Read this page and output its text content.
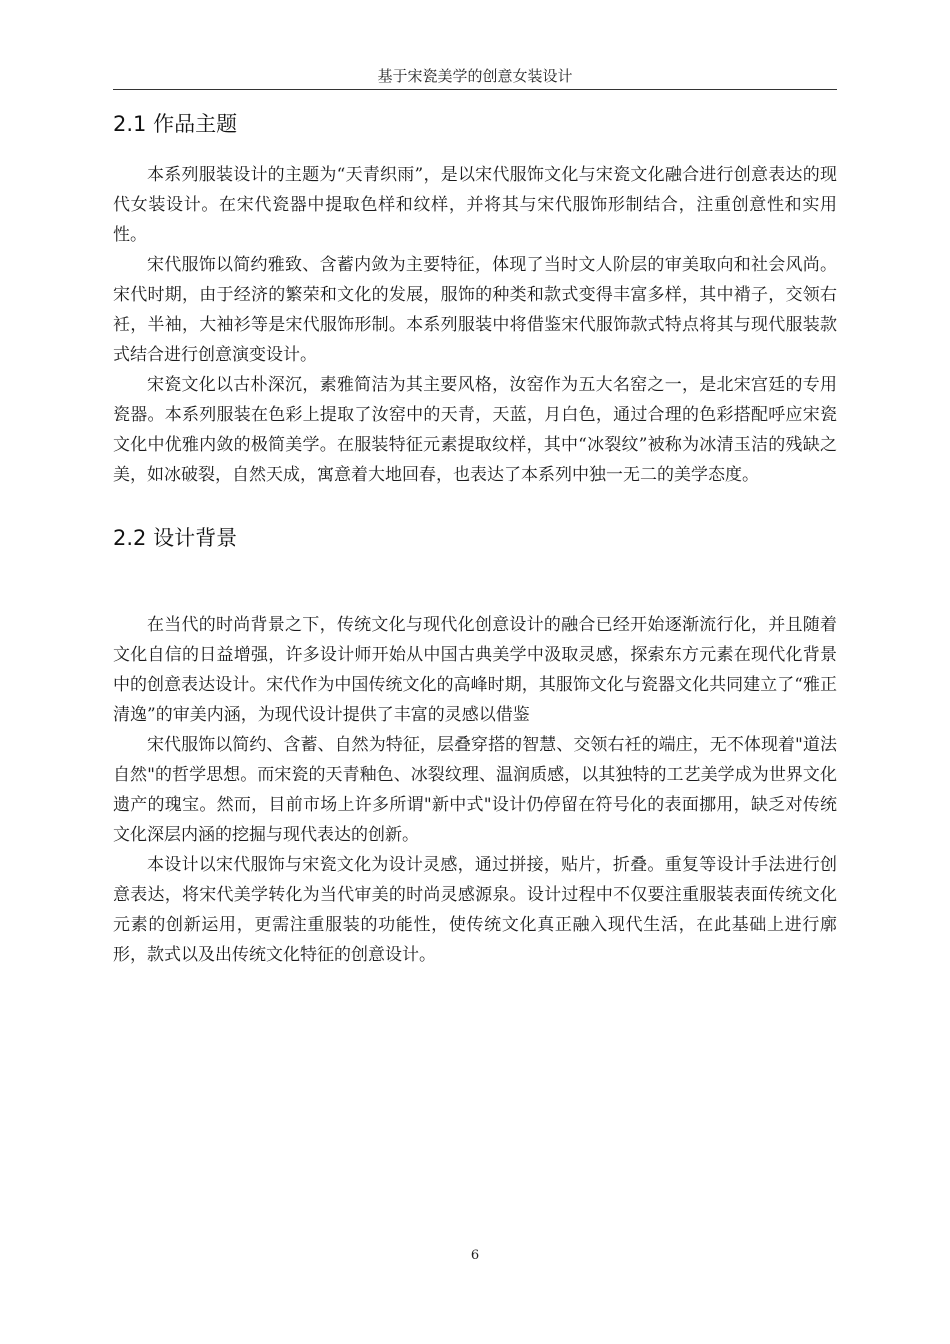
基于宋瓷美学的创意女装设计
2.1 作品主题

本系列服装设计的主题为“天青织雨”，是以宋代服饰文化与宋瓷文化融合进行创意表达的现代女装设计。在宋代瓷器中提取色样和纹样，并将其与宋代服饰形制结合，注重创意性和实用性。

宋代服饰以简约雅致、含蓄内敛为主要特征，体现了当时文人阶层的审美取向和社会风尚。宋代时期，由于经济的繁荣和文化的发展，服饰的种类和款式变得丰富多样，其中褙子，交领右衽，半袖，大袖衫等是宋代服饰形制。本系列服装中将借鉴宋代服饰款式特点将其与现代服装款式结合进行创意演变设计。

宋瓷文化以古朴深沉，素雅简洁为其主要风格，汝窑作为五大名窑之一，是北宋宫廷的专用瓷器。本系列服装在色彩上提取了汝窑中的天青，天蓝，月白色，通过合理的色彩搭配呼应宋瓷文化中优雅内敛的极简美学。在服装特征元素提取纹样，其中“冰裂纹”被称为冰清玉洁的残缺之美，如冰破裂，自然天成，寓意着大地回春，也表达了本系列中独一无二的美学态度。

2.2 设计背景

在当代的时尚背景之下，传统文化与现代化创意设计的融合已经开始逐渐流行化，并且随着文化自信的日益增强，许多设计师开始从中国古典美学中汲取灵感，探索东方元素在现代化背景中的创意表达设计。宋代作为中国传统文化的高峰时期，其服饰文化与瓷器文化共同建立了“雅正清逸”的审美内涵，为现代设计提供了丰富的灵感以借鉴

宋代服饰以简约、含蓄、自然为特征，层叠穿搭的智慧、交领右衽的端庄，无不体现着"道法自然"的哲学思想。而宋瓷的天青釉色、冰裂纹理、温润质感，以其独特的工艺美学成为世界文化遗产的瑰宝。然而，目前市场上许多所谓"新中式"设计仍停留在符号化的表面挪用，缺乏对传统文化深层内涵的挖掘与现代表达的创新。

本设计以宋代服饰与宋瓷文化为设计灵感，通过拼接，贴片，折叠。重复等设计手法进行创意表达，将宋代美学转化为当代审美的时尚灵感源泉。设计过程中不仅要注重服装表面传统文化元素的创新运用，更需注重服装的功能性，使传统文化真正融入现代生活，在此基础上进行廓形，款式以及出传统文化特征的创意设计。

6
